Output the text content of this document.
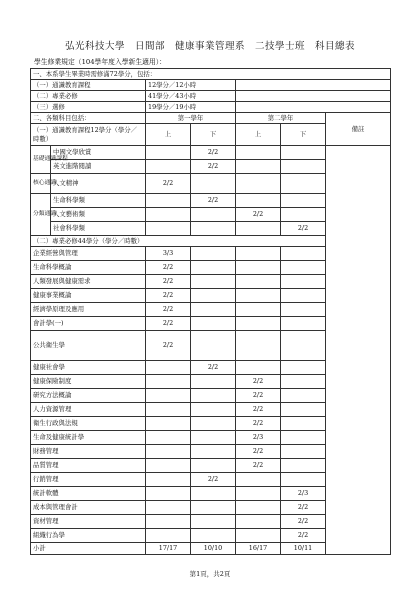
弘光科技大學　日間部　健康事業管理系　二技學士班　科目總表
學生修業規定（104學年度入學新生適用）：
一、本系學生畢業時需修滿72學分，包括：						
（一）通識教育課程		12學分／12小時				
（二）專業必修		41學分／43小時				
（三）選修		19學分／19小時				
二、各類科目包括：		第一學年		第二學年		備註
（一）通識教育課程12學分（學分／時數）		上	下	上	下	
基礎通識課程	中國文學欣賞		2/2			
	英文進階閱讀		2/2			
核心通識	人文精神	2/2				
分類通識	生命科學類		2/2			
	人文藝術類			2/2		
	社會科學類				2/2	
（二）專業必修44學分（學分／時數）						
企業經營與管理		3/3				
生命科學概論		2/2				
人類發展與健康需求		2/2				
健康事業概論		2/2				
經濟學原理及應用		2/2				
會計學(一)		2/2				
公共衛生學		2/2				
健康社會學			2/2			
健康保險制度				2/2		
研究方法概論				2/2		
人力資源管理				2/2		
衛生行政與法規				2/2		
生命及健康統計學				2/3		
財務管理				2/2		
品質管理				2/2		
行銷管理			2/2			
統計軟體					2/3	
成本與管理會計					2/2	
資材管理					2/2	
組織行為學					2/2	
小計		17/17	10/10	16/17	10/11	
第1頁，共2頁
